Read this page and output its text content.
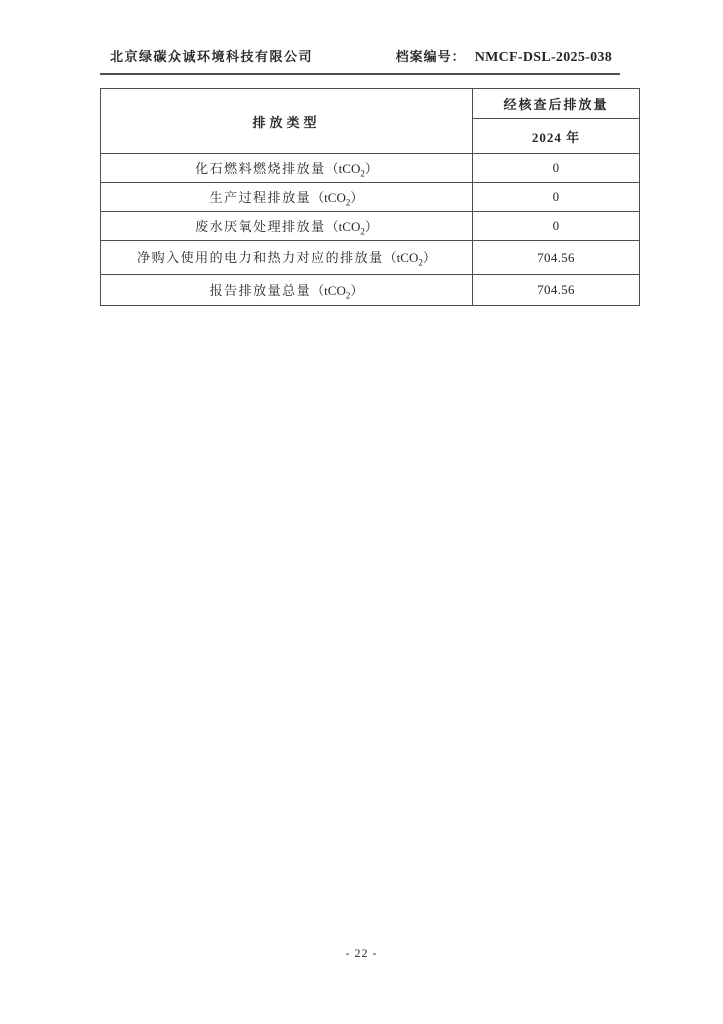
北京绿碳众诚环境科技有限公司	档案编号： NMCF-DSL-2025-038
排放类型	经核查后排放量
	2024 年
化石燃料燃烧排放量（tCO$_2$）	0
生产过程排放量（tCO$_2$）	0
废水厌氧处理排放量（tCO$_2$）	0
净购入使用的电力和热力对应的排放量（tCO$_2$）	704.56
报告排放量总量（tCO$_2$）	704.56
- 22 -
